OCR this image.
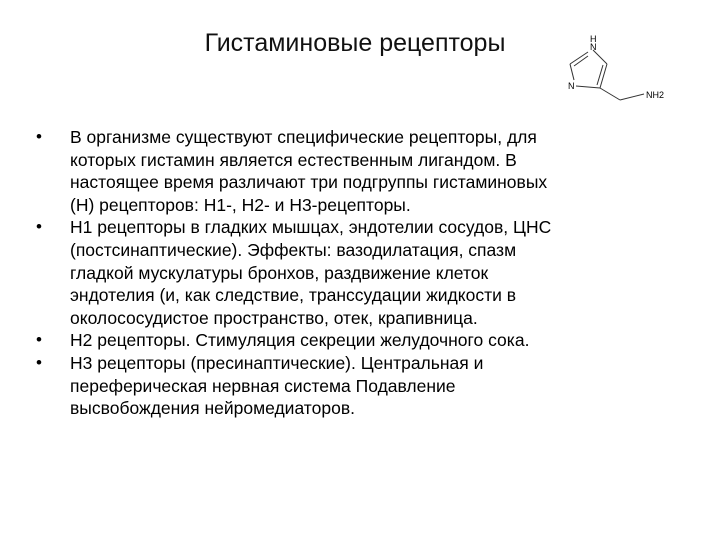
Гистаминовые рецепторы	H
N
N
NH2
• В организме существуют специфические рецепторы, для
которых гистамин является естественным лигандом. В
настоящее время различают три подгруппы гистаминовых
(Н) рецепторов: Н1-, Н2- и Н3-рецепторы.
• Н1 рецепторы в гладких мышцах, эндотелии сосудов, ЦНС
(постсинаптические). Эффекты: вазодилатация, спазм
гладкой мускулатуры бронхов, раздвижение клеток
эндотелия (и, как следствие, транссудации жидкости в
околососудистое пространство, отек, крапивница.
• Н2 рецепторы. Стимуляция секреции желудочного сока.
• Н3 рецепторы (пресинаптические). Центральная и
переферическая нервная система Подавление
высвобождения нейромедиаторов.
